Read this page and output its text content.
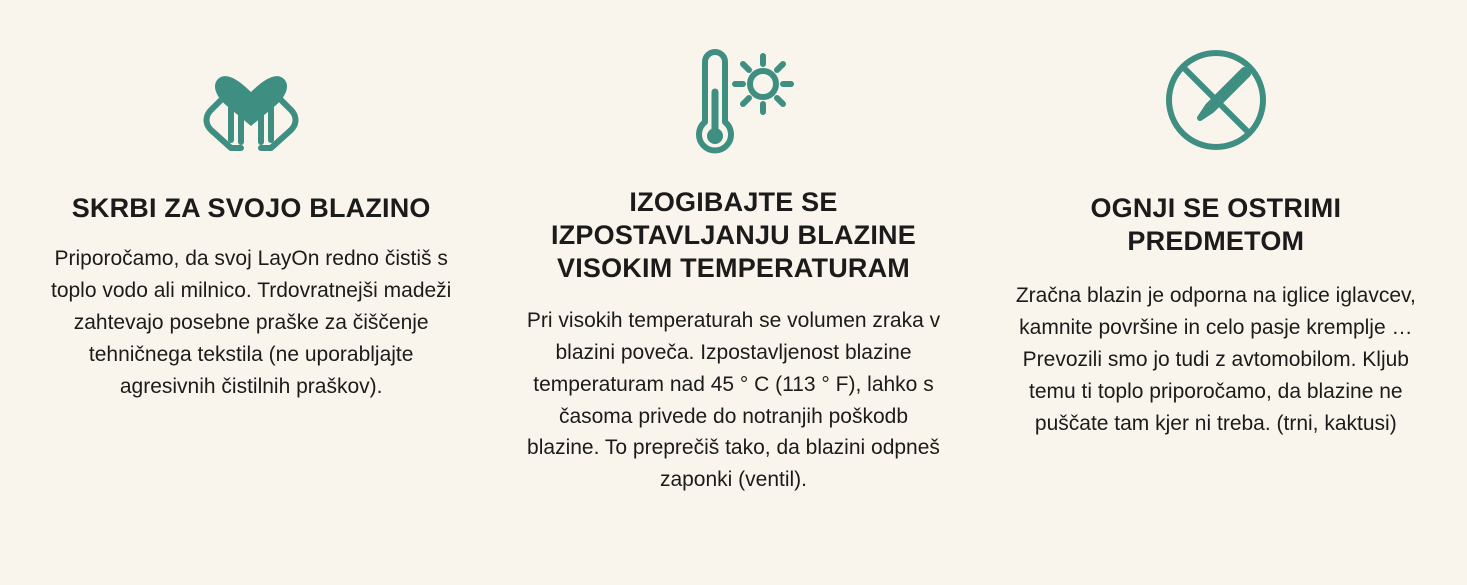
SKRBI ZA SVOJO BLAZINO

Priporočamo, da svoj LayOn redno čistiš s toplo vodo ali milnico. Trdovratnejši madeži zahtevajo posebne praške za čiščenje tehničnega tekstila (ne uporabljajte agresivnih čistilnih praškov).

IZOGIBAJTE SE IZPOSTAVLJANJU BLAZINE VISOKIM TEMPERATURAM

Pri visokih temperaturah se volumen zraka v blazini poveča. Izpostavljenost blazine temperaturam nad 45 ° C (113 ° F), lahko s časoma privede do notranjih poškodb blazine. To preprečiš tako, da blazini odpneš zaponki (ventil).

OGNJI SE OSTRIMI PREDMETOM

Zračna blazin je odporna na iglice iglavcev, kamnite površine in celo pasje kremplje … Prevozili smo jo tudi z avtomobilom. Kljub temu ti toplo priporočamo, da blazine ne puščate tam kjer ni treba. (trni, kaktusi)
